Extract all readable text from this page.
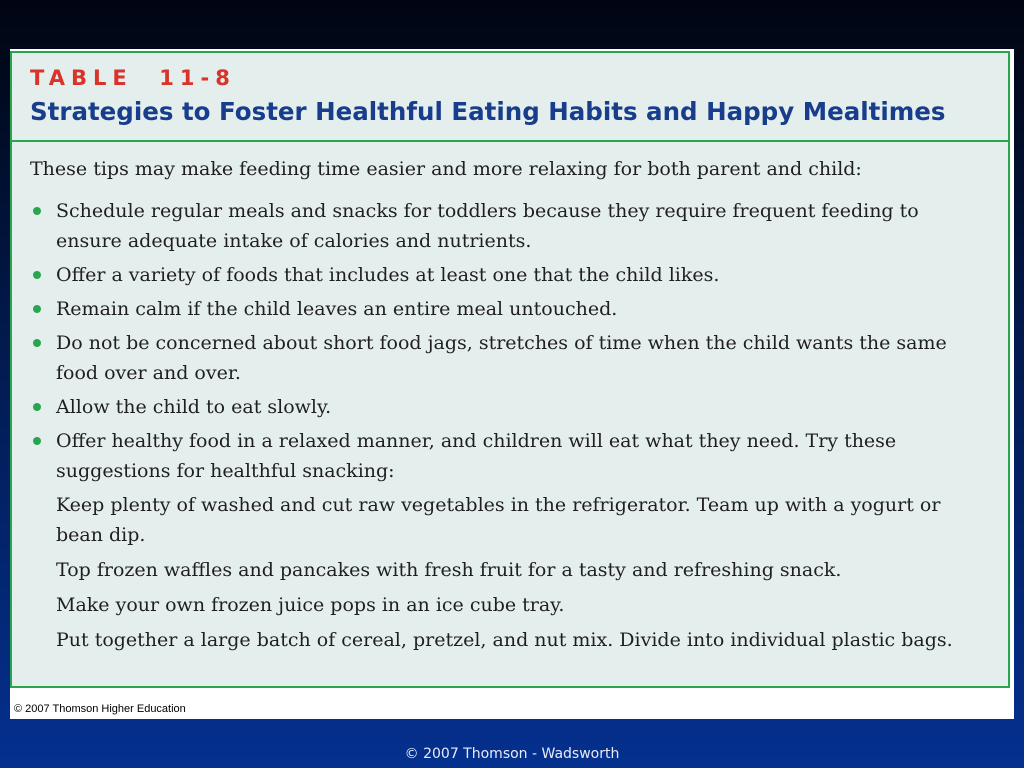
TABLE  11-8
Strategies to Foster Healthful Eating Habits and Happy Mealtimes
These tips may make feeding time easier and more relaxing for both parent and child:
Schedule regular meals and snacks for toddlers because they require frequent feeding to ensure adequate intake of calories and nutrients.
Offer a variety of foods that includes at least one that the child likes.
Remain calm if the child leaves an entire meal untouched.
Do not be concerned about short food jags, stretches of time when the child wants the same food over and over.
Allow the child to eat slowly.
Offer healthy food in a relaxed manner, and children will eat what they need. Try these suggestions for healthful snacking:
Keep plenty of washed and cut raw vegetables in the refrigerator. Team up with a yogurt or bean dip.
Top frozen waffles and pancakes with fresh fruit for a tasty and refreshing snack.
Make your own frozen juice pops in an ice cube tray.
Put together a large batch of cereal, pretzel, and nut mix. Divide into individual plastic bags.
© 2007 Thomson Higher Education
© 2007 Thomson - Wadsworth
